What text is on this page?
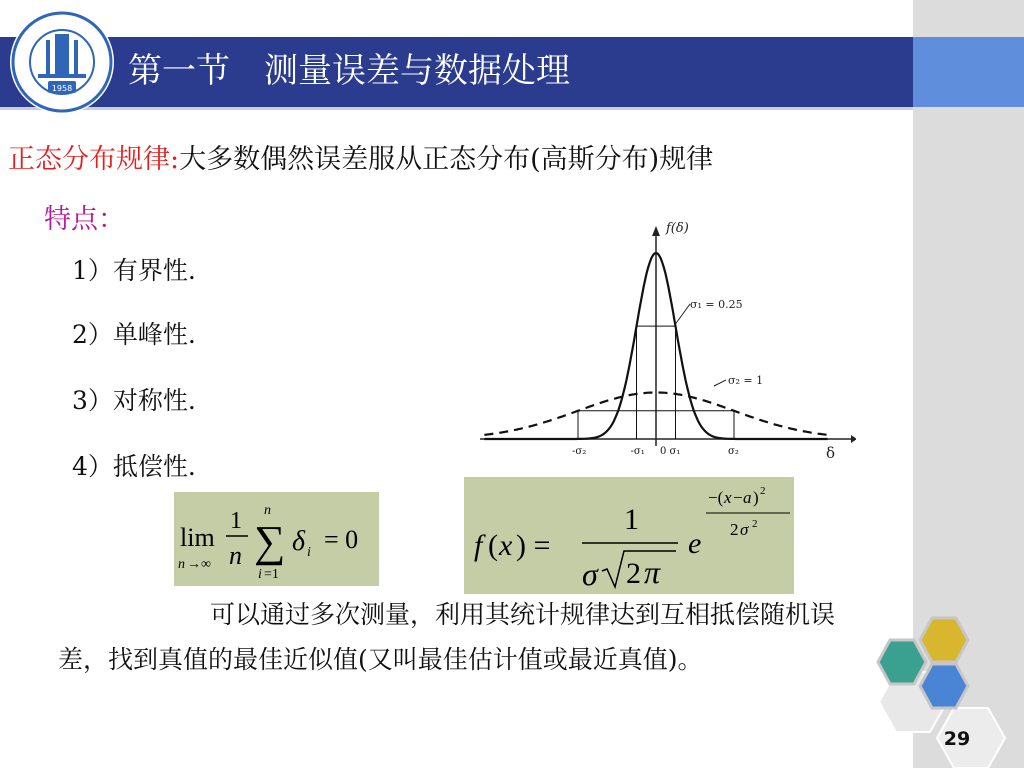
1958 第一节　测量误差与数据处理
正态分布规律:大多数偶然误差服从正态分布(高斯分布)规律
特点：
1）有界性.
2）单峰性.
3）对称性.
4）抵偿性.
f(δ)
δ
-σ₂	-σ₁ 0 σ₁	σ₂
σ₁ = 0.25
σ₂ = 1
lim
n →∞
1
n
n
∑
i =1
δ i = 0	f ( x ) =
1
σ 2 π
e
−( x − a ) 2
2 σ 2
可以通过多次测量，利用其统计规律达到互相抵偿随机误差，找到真值的最佳近似值(又叫最佳估计值或最近真值)。
29
